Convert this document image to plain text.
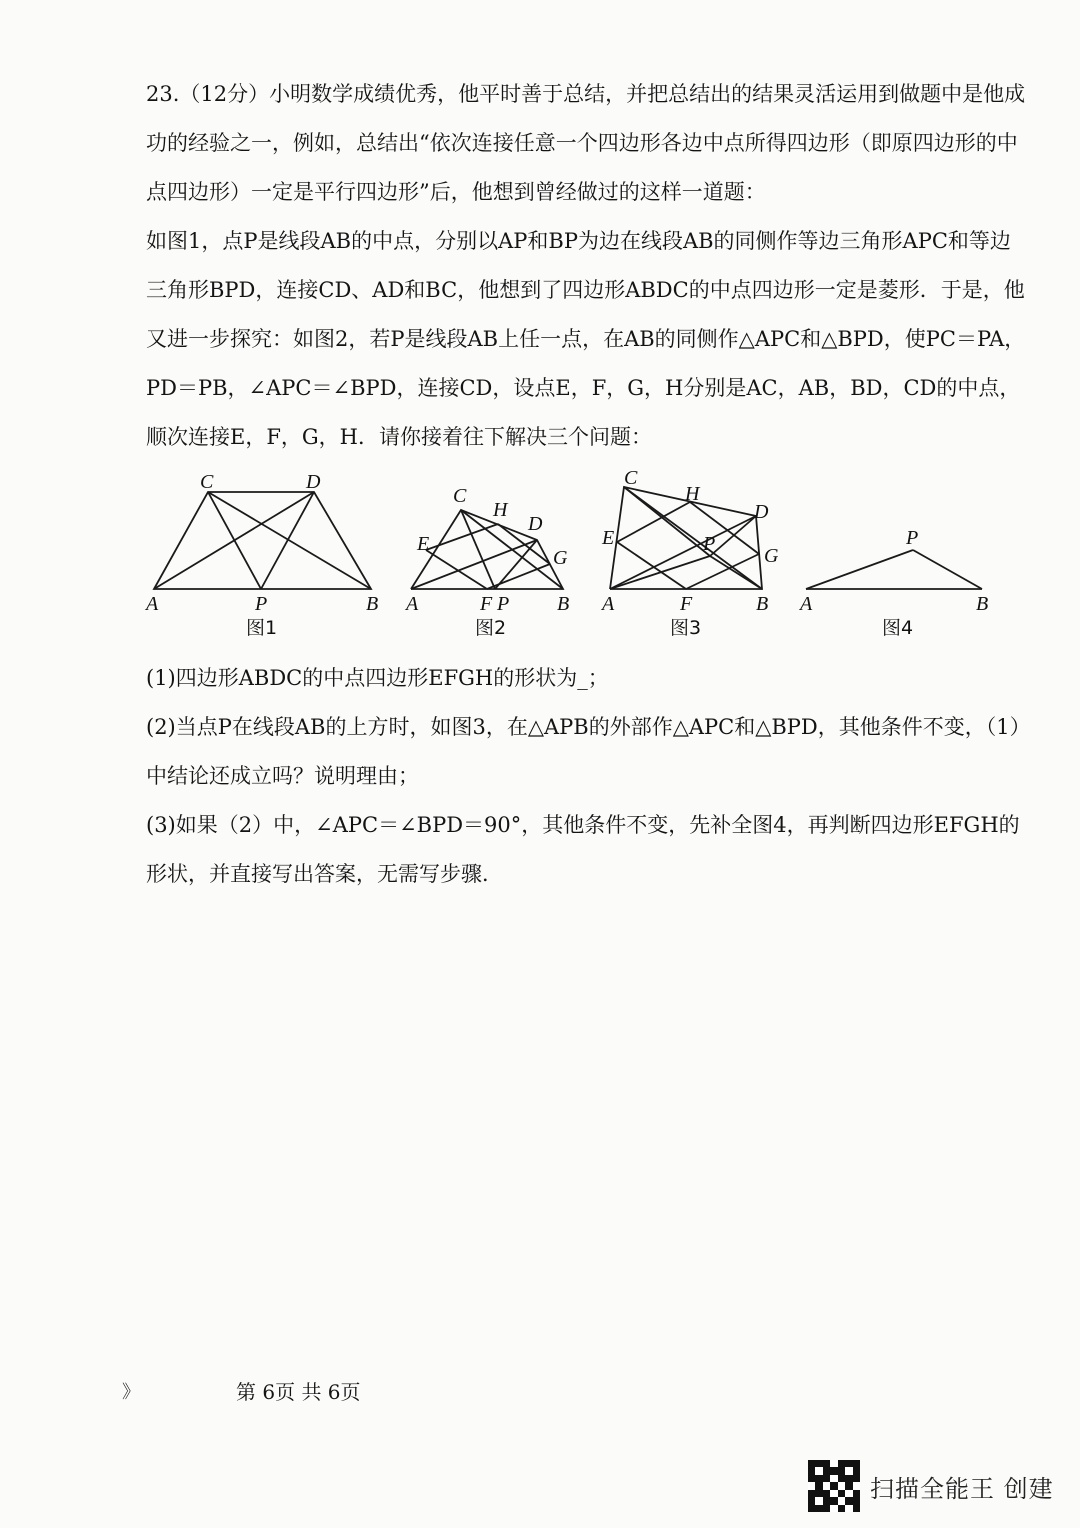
23.（12分）小明数学成绩优秀，他平时善于总结，并把总结出的结果灵活运用到做题中是他成功的经验之一，例如，总结出“依次连接任意一个四边形各边中点所得四边形（即原四边形的中点四边形）一定是平行四边形”后，他想到曾经做过的这样一道题：

如图1，点P是线段AB的中点，分别以AP和BP为边在线段AB的同侧作等边三角形APC和等边三角形BPD，连接CD、AD和BC，他想到了四边形ABDC的中点四边形一定是菱形．于是，他又进一步探究：如图2，若P是线段AB上任一点，在AB的同侧作△APC和△BPD，使PC＝PA，PD＝PB，∠APC＝∠BPD，连接CD，设点E，F，G，H分别是AC，AB，BD，CD的中点，顺次连接E，F，G，H．请你接着往下解决三个问题：

C	D
A	P	B
图1
C
H
D
E
G
A	F P B
图2
C
H
D
E	P
G
A	F	B
图3
P
A	B
图4

(1)四边形ABDC的中点四边形EFGH的形状为_；

(2)当点P在线段AB的上方时，如图3，在△APB的外部作△APC和△BPD，其他条件不变，（1）中结论还成立吗？说明理由；

(3)如果（2）中，∠APC＝∠BPD＝90°，其他条件不变，先补全图4，再判断四边形EFGH的形状，并直接写出答案，无需写步骤．

》	第 6页 共 6页
扫描全能王 创建
